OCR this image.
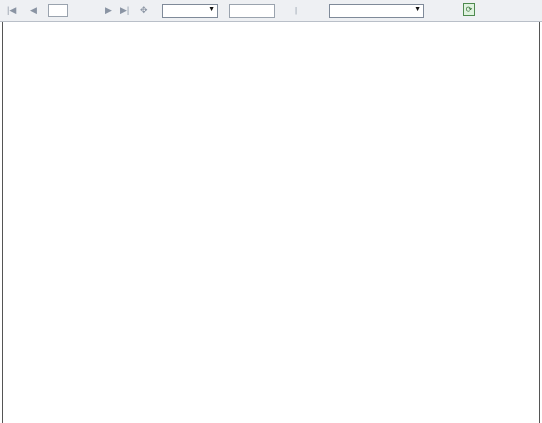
|◀ ◀	▶ ▶| ✥	▼	|	▼	⟳
